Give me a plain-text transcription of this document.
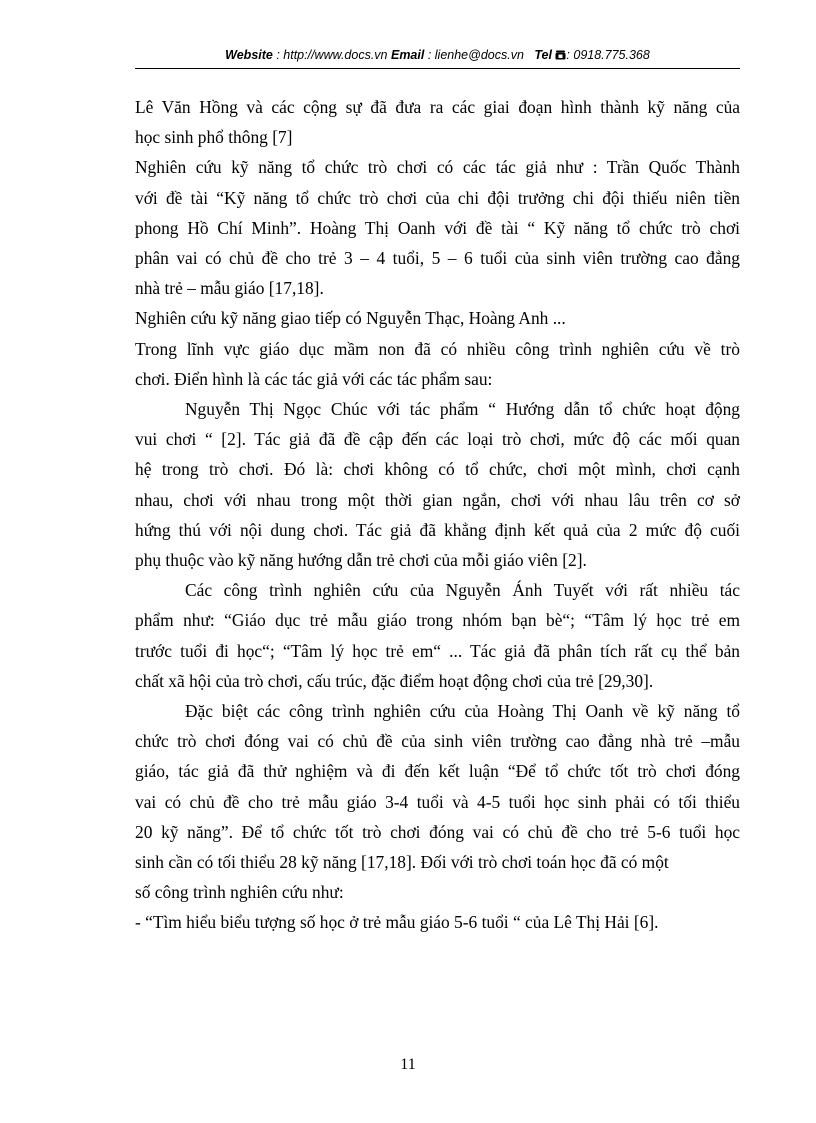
Website : http://www.docs.vn Email : lienhe@docs.vn Tel : 0918.775.368
Lê Văn Hồng và các cộng sự đã đưa ra các giai đoạn hình thành kỹ năng của
học sinh phổ thông [7]
Nghiên cứu kỹ năng tổ chức trò chơi có các tác giả như : Trần Quốc Thành
với đề tài “Kỹ năng tổ chức trò chơi của chi đội trưởng chi đội thiếu niên tiền
phong Hồ Chí Minh”. Hoàng Thị Oanh với đề tài “ Kỹ năng tổ chức trò chơi
phân vai có chủ đề cho trẻ 3 – 4 tuổi, 5 – 6 tuổi của sinh viên trường cao đẳng
nhà trẻ – mẫu giáo [17,18].
Nghiên cứu kỹ năng giao tiếp có Nguyễn Thạc, Hoàng Anh ...
Trong lĩnh vực giáo dục mầm non đã có nhiều công trình nghiên cứu về trò
chơi. Điển hình là các tác giả với các tác phẩm sau:
Nguyễn Thị Ngọc Chúc với tác phẩm “ Hướng dẫn tổ chức hoạt động
vui chơi “ [2]. Tác giả đã đề cập đến các loại trò chơi, mức độ các mối quan
hệ trong trò chơi. Đó là: chơi không có tổ chức, chơi một mình, chơi cạnh
nhau, chơi với nhau trong một thời gian ngắn, chơi với nhau lâu trên cơ sở
hứng thú với nội dung chơi. Tác giả đã khẳng định kết quả của 2 mức độ cuối
phụ thuộc vào kỹ năng hướng dẫn trẻ chơi của mỗi giáo viên [2].
Các công trình nghiên cứu của Nguyễn Ánh Tuyết với rất nhiều tác
phẩm như: “Giáo dục trẻ mẫu giáo trong nhóm bạn bè“; “Tâm lý học trẻ em
trước tuổi đi học“; “Tâm lý học trẻ em“ ... Tác giả đã phân tích rất cụ thể bản
chất xã hội của trò chơi, cấu trúc, đặc điểm hoạt động chơi của trẻ [29,30].
Đặc biệt các công trình nghiên cứu của Hoàng Thị Oanh về kỹ năng tổ
chức trò chơi đóng vai có chủ đề của sinh viên trường cao đẳng nhà trẻ –mẫu
giáo, tác giả đã thử nghiệm và đi đến kết luận “Để tổ chức tốt trò chơi đóng
vai có chủ đề cho trẻ mẫu giáo 3-4 tuổi và 4-5 tuổi học sinh phải có tối thiểu
20 kỹ năng”. Để tổ chức tốt trò chơi đóng vai có chủ đề cho trẻ 5-6 tuổi học
sinh cần có tối thiểu 28 kỹ năng [17,18]. Đối với trò chơi toán học đã có một
số công trình nghiên cứu như:
- “Tìm hiểu biểu tượng số học ở trẻ mẫu giáo 5-6 tuổi “ của Lê Thị Hải [6].
11
